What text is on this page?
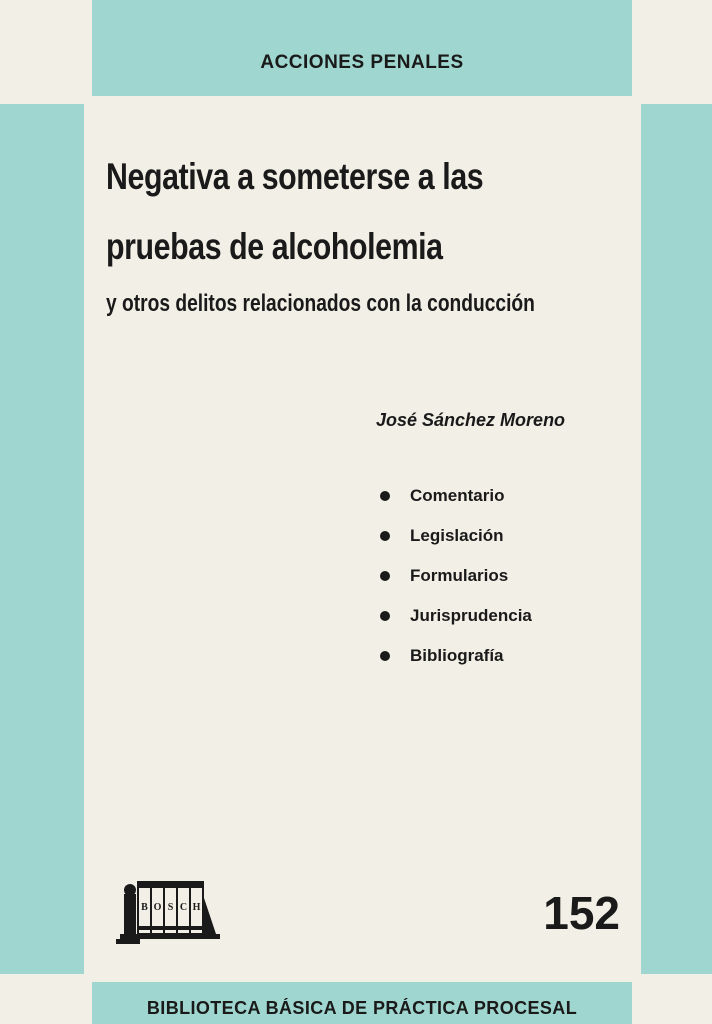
ACCIONES PENALES
Negativa a someterse a las
pruebas de alcoholemia
y otros delitos relacionados con la conducción
José Sánchez Moreno
Comentario
Legislación
Formularios
Jurisprudencia
Bibliografía
B O S C H	152
BIBLIOTECA BÁSICA DE PRÁCTICA PROCESAL
